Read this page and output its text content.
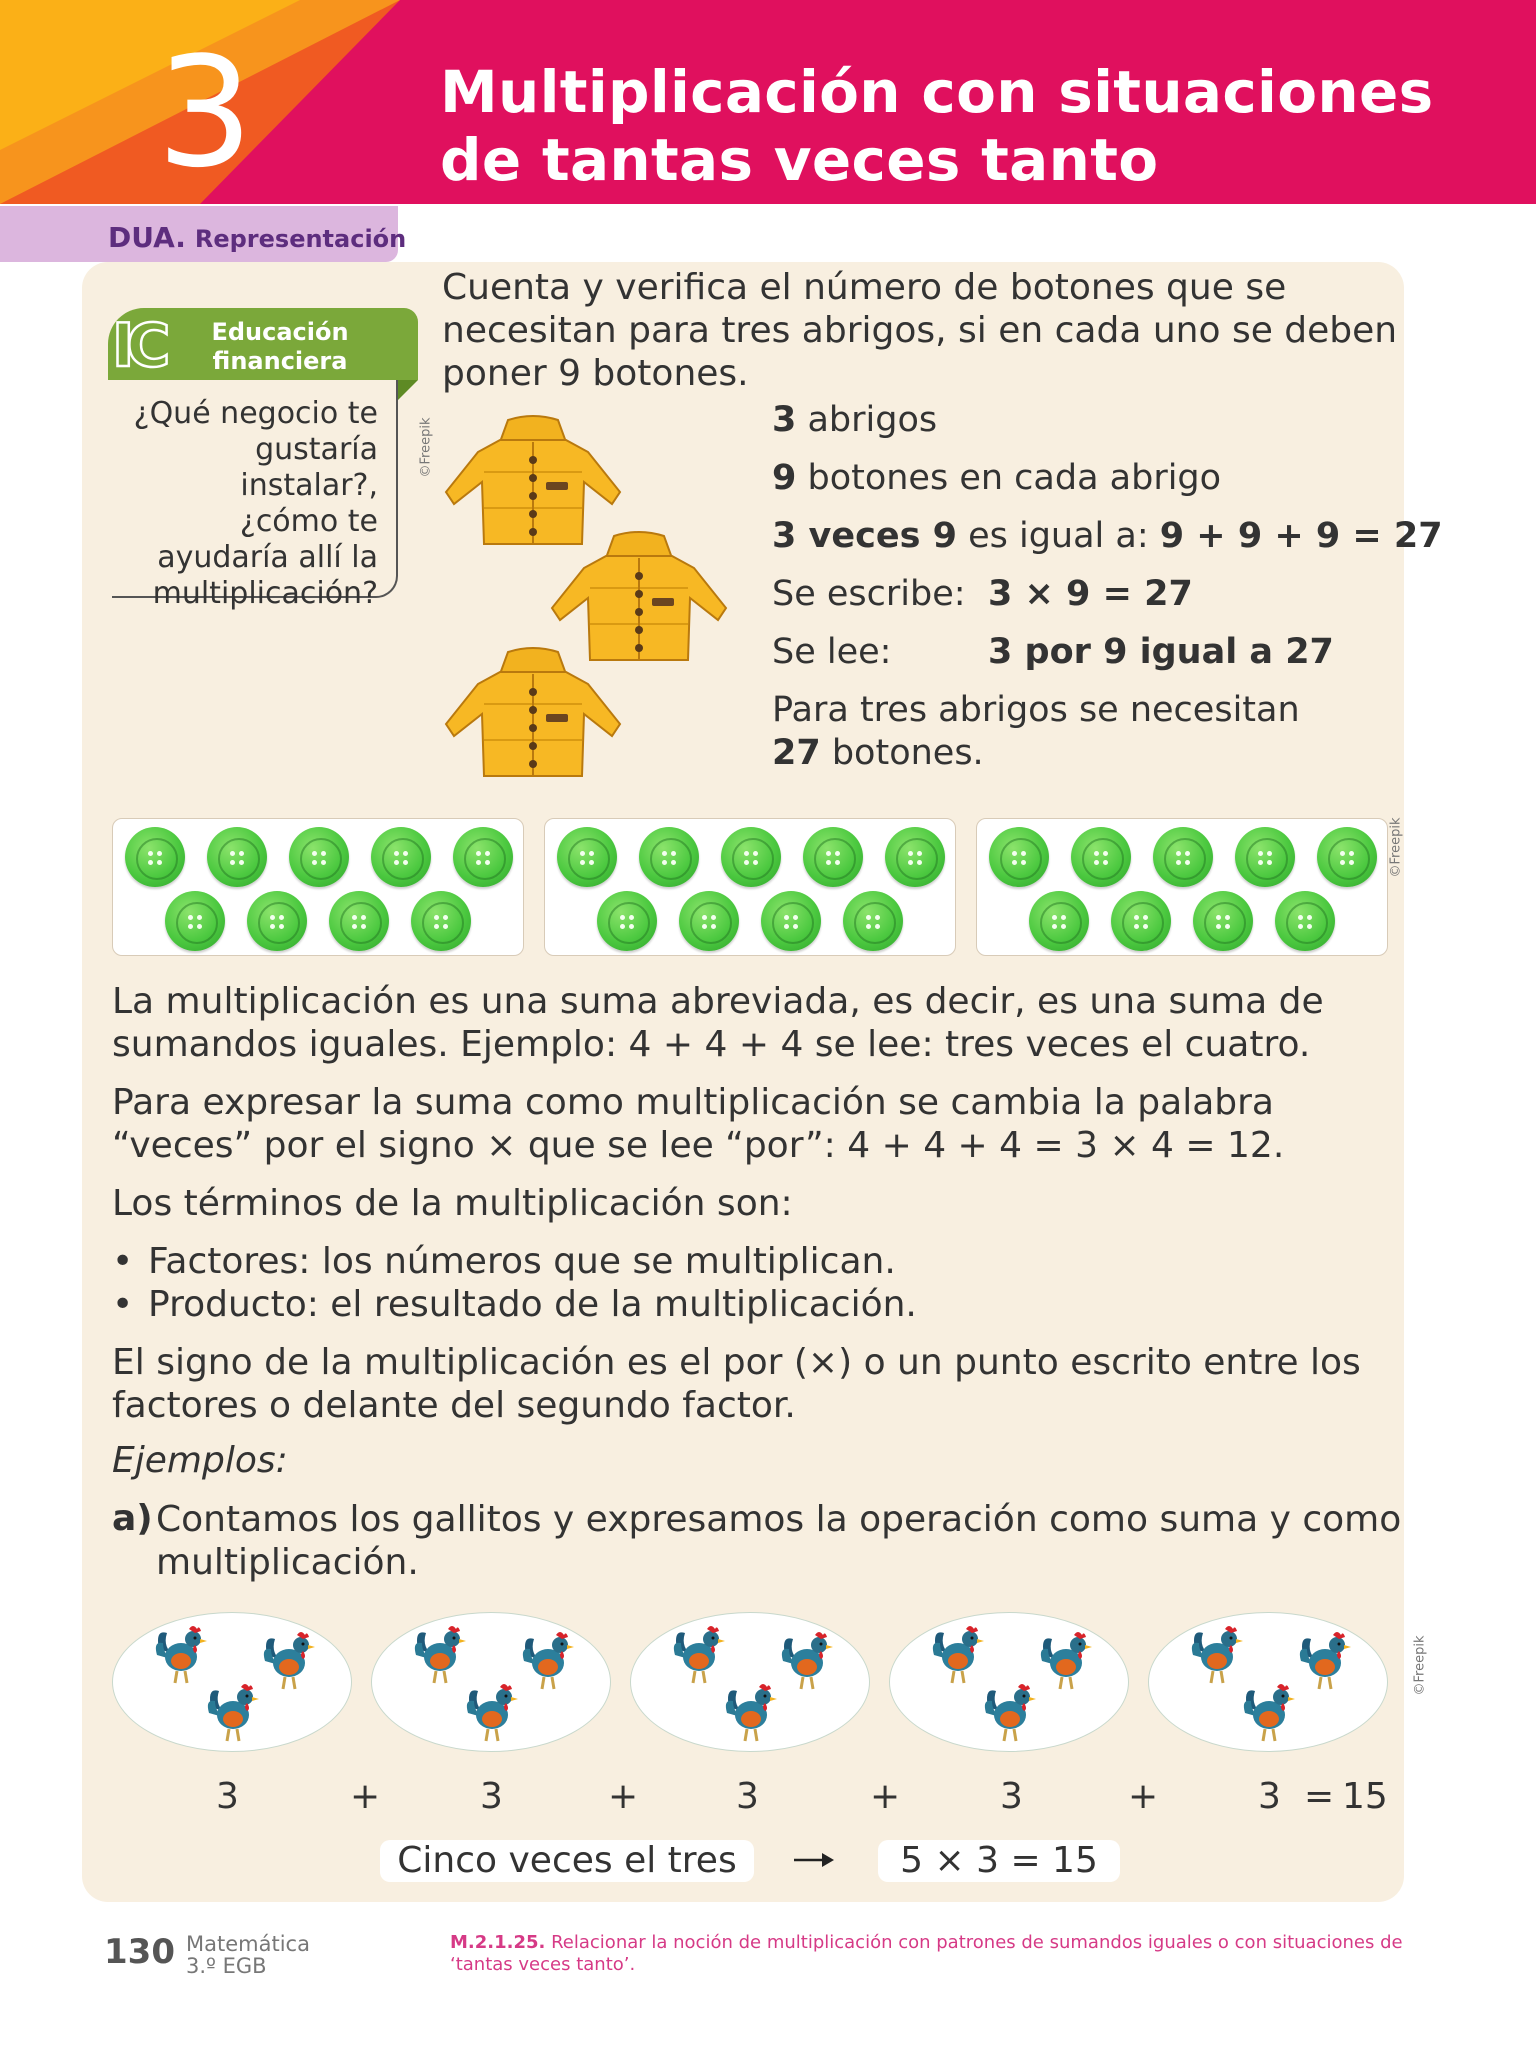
3	Multiplicación con situaciones
de tantas veces tanto
DUA. Representación
IC	Educación
financiera
¿Qué negocio te
gustaría instalar?,
¿cómo te
ayudaría allí la
multiplicación?
Cuenta y verifica el número de botones que se
necesitan para tres abrigos, si en cada uno se deben
poner 9 botones.
©Freepik
©Freepik
©Freepik
3 abrigos
9 botones en cada abrigo
3 veces 9 es igual a: 9 + 9 + 9 = 27
Se escribe: 3 × 9 = 27
Se lee:	3 por 9 igual a 27
Para tres abrigos se necesitan
27 botones.
La multiplicación es una suma abreviada, es decir, es una suma de
sumandos iguales. Ejemplo: 4 + 4 + 4 se lee: tres veces el cuatro.
Para expresar la suma como multiplicación se cambia la palabra
“veces” por el signo × que se lee “por”: 4 + 4 + 4 = 3 × 4 = 12.
Los términos de la multiplicación son:
• Factores: los números que se multiplican.
• Producto: el resultado de la multiplicación.
El signo de la multiplicación es el por (×) o un punto escrito entre los
factores o delante del segundo factor.
Ejemplos:
a) Contamos los gallitos y expresamos la operación como suma y como
multiplicación.
3	+	3	+	3	+	3	+	3 = 15
Cinco veces el tres	5 × 3 = 15
130 Matemática
3.º EGB
M.2.1.25. Relacionar la noción de multiplicación con patrones de sumandos iguales o con situaciones de ‘tantas veces tanto’.
